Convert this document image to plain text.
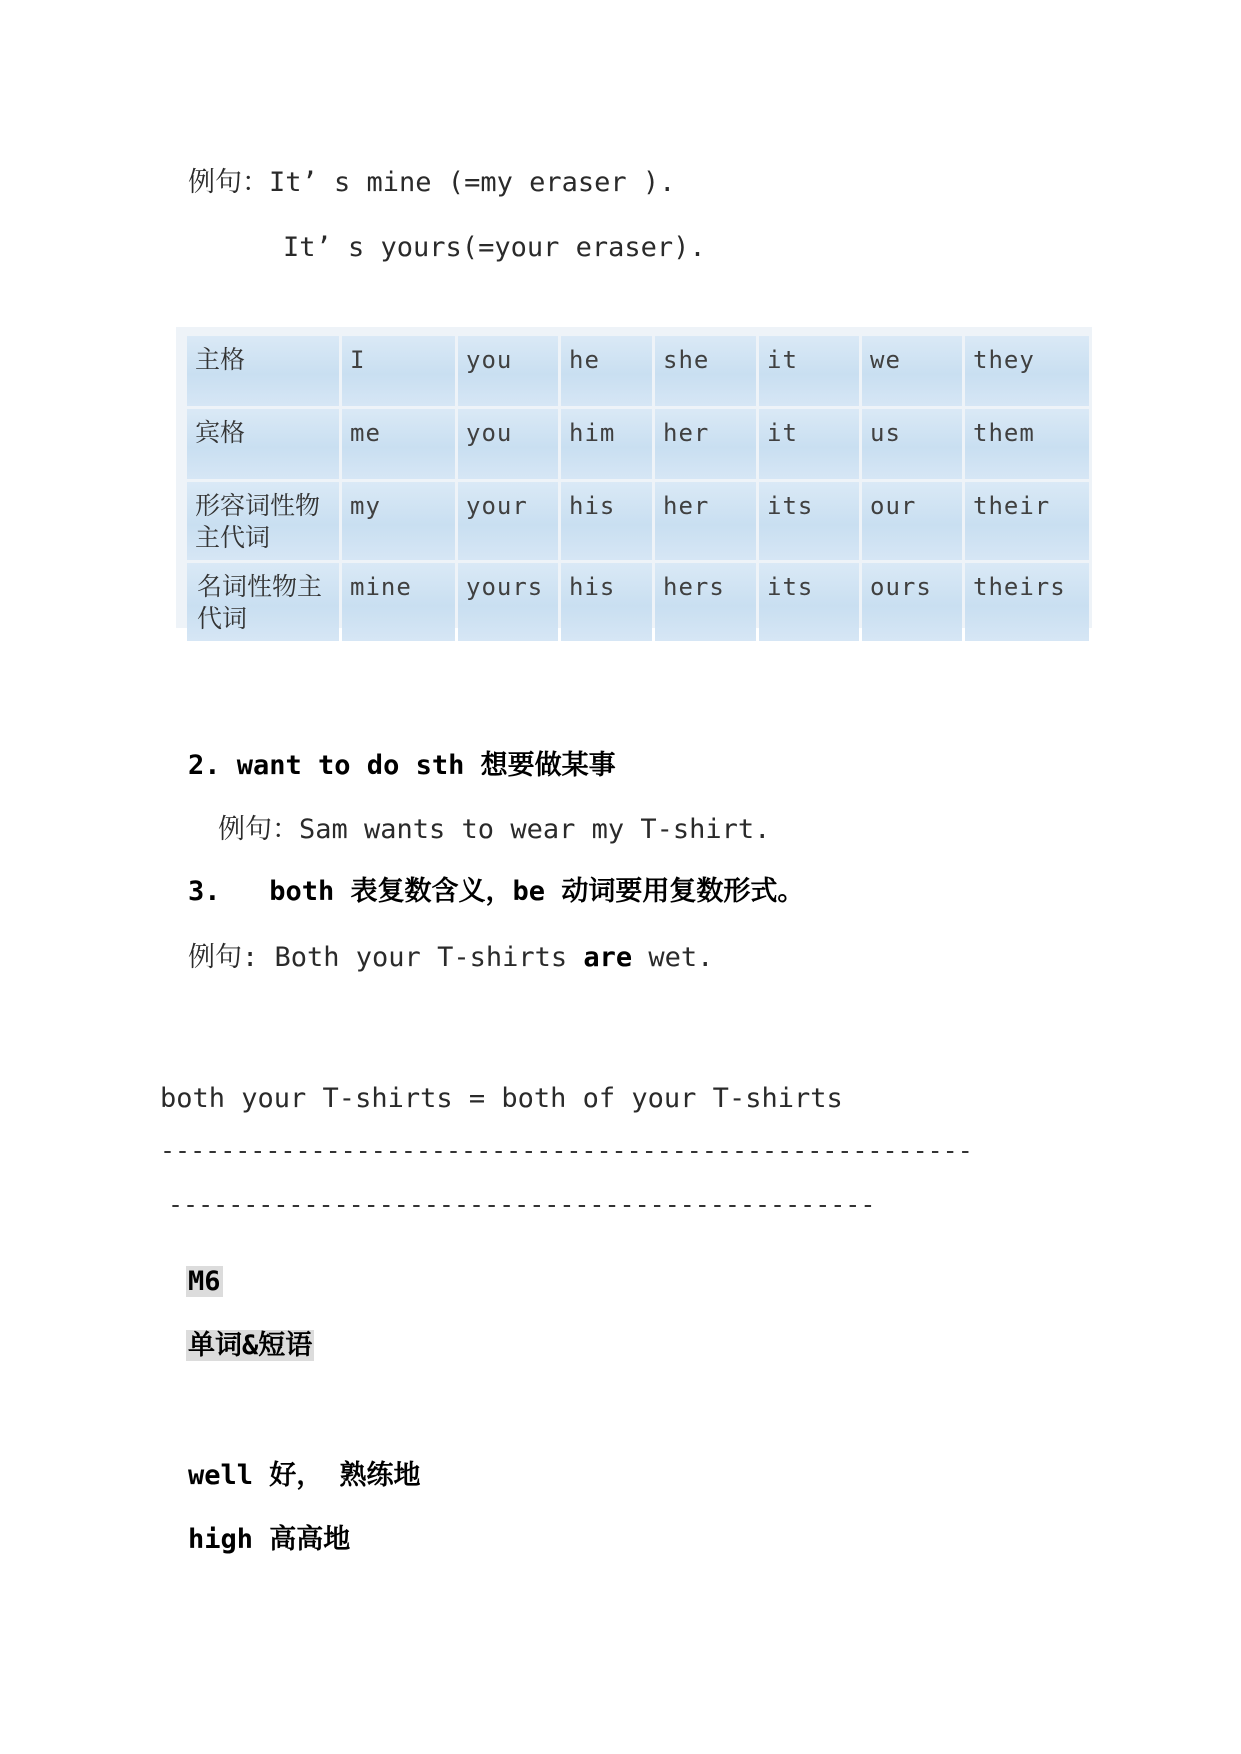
例句：It’ s mine (=my eraser ).
It’ s yours(=your eraser).
主格	I	you	he	she	it	we	they
宾格	me	you	him	her	it	us	them
形容词性物主代词	my	your	his	her	its	our	their
名词性物主代词	mine	yours	his	hers	its	ours	theirs
2. want to do sth 想要做某事
例句：Sam wants to wear my T-shirt.
3.   both 表复数含义，be 动词要用复数形式。
例句: Both your T-shirts are wet.
both your T-shirts = both of your T-shirts
------------------------------------------------------
-----------------------------------------------
M6
单词&短语
well 好， 熟练地
high 高高地
